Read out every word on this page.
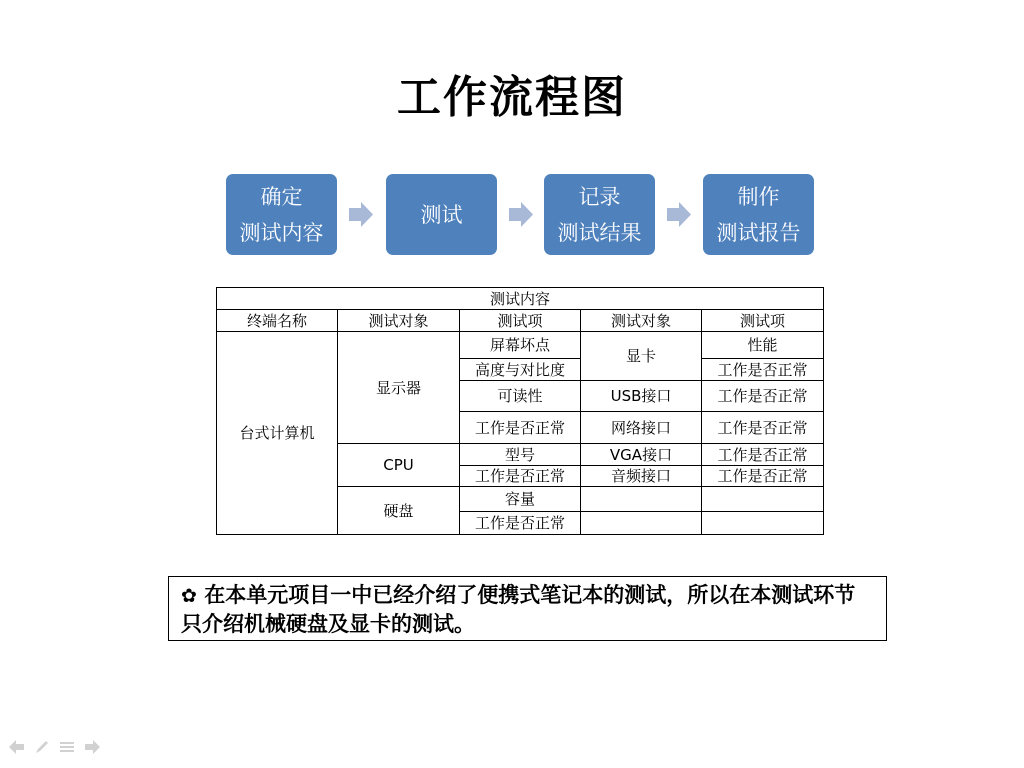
工作流程图
确定
测试内容
测试
记录
测试结果
制作
测试报告
测试内容				
终端名称	测试对象	测试项	测试对象	测试项
台式计算机	显示器	屏幕坏点	显卡	性能
		高度与对比度		工作是否正常
		可读性	USB接口	工作是否正常
		工作是否正常	网络接口	工作是否正常
	CPU	型号	VGA接口	工作是否正常
		工作是否正常	音频接口	工作是否正常
	硬盘	容量		
		工作是否正常		
✿ 在本单元项目一中已经介绍了便携式笔记本的测试，所以在本测试环节只介绍机械硬盘及显卡的测试。
